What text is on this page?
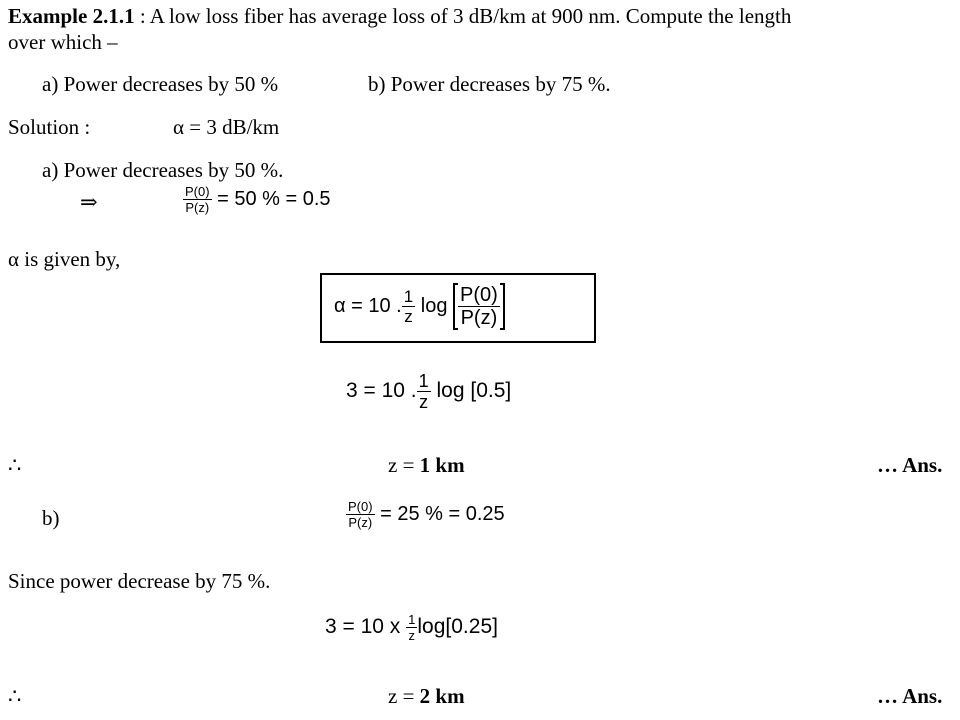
Example 2.1.1 : A low loss fiber has average loss of 3 dB/km at 900 nm. Compute the length
over which –
a) Power decreases by 50 %	b) Power decreases by 75 %.
Solution :	α = 3 dB/km
a) Power decreases by 50 %.
⇒	$\frac{P(0)}{P(z)} = 50$ % = 0.5
α is given by,
α = 10 . $\frac{1}{z}$ $\log \frac{P(0)}{P(z)}$
3 = 10 . $\frac{1}{z}$ log [0.5]
∴	z = 1 km	… Ans.
b)	$\frac{P(0)}{P(z)} = 25$ % = 0.25
Since power decrease by 75 %.
3 = 10 x $\frac{1}{z} \log[0.25]$
∴	z = 2 km	… Ans.
